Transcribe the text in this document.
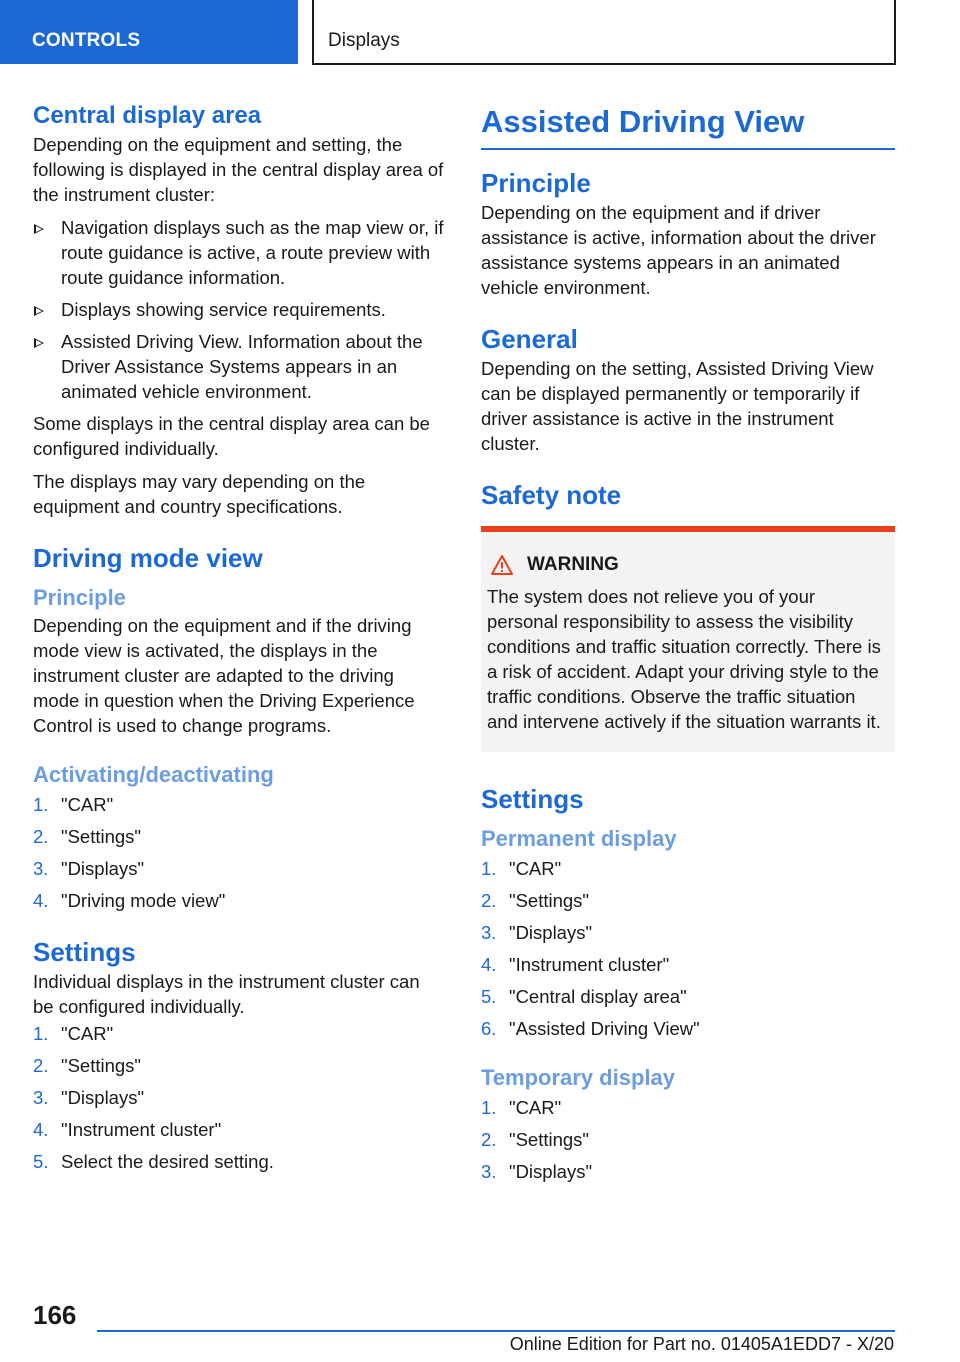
CONTROLS	Displays
Central display area

Depending on the equipment and setting, the following is displayed in the central display area of the instrument cluster:

Navigation displays such as the map view or, if route guidance is active, a route preview with route guidance information.
Displays showing service requirements.
Assisted Driving View. Information about the Driver Assistance Systems appears in an animated vehicle environment.

Some displays in the central display area can be configured individually.

The displays may vary depending on the equipment and country specifications.

Driving mode view
Principle

Depending on the equipment and if the driving mode view is activated, the displays in the instrument cluster are adapted to the driving mode in question when the Driving Experience Control is used to change programs.

Activating/deactivating
1. "CAR"
2. "Settings"
3. "Displays"
4. "Driving mode view"
Settings

Individual displays in the instrument cluster can be configured individually.

1. "CAR"
2. "Settings"
3. "Displays"
4. "Instrument cluster"
5. Select the desired setting.
Assisted Driving View
Principle

Depending on the equipment and if driver assistance is active, information about the driver assistance systems appears in an animated vehicle environment.

General

Depending on the setting, Assisted Driving View can be displayed permanently or temporarily if driver assistance is active in the instrument cluster.

Safety note
WARNING

The system does not relieve you of your personal responsibility to assess the visibility conditions and traffic situation correctly. There is a risk of accident. Adapt your driving style to the traffic conditions. Observe the traffic situation and intervene actively if the situation warrants it.

Settings
Permanent display
1. "CAR"
2. "Settings"
3. "Displays"
4. "Instrument cluster"
5. "Central display area"
6. "Assisted Driving View"
Temporary display
1. "CAR"
2. "Settings"
3. "Displays"
166
Online Edition for Part no. 01405A1EDD7 - X/20
